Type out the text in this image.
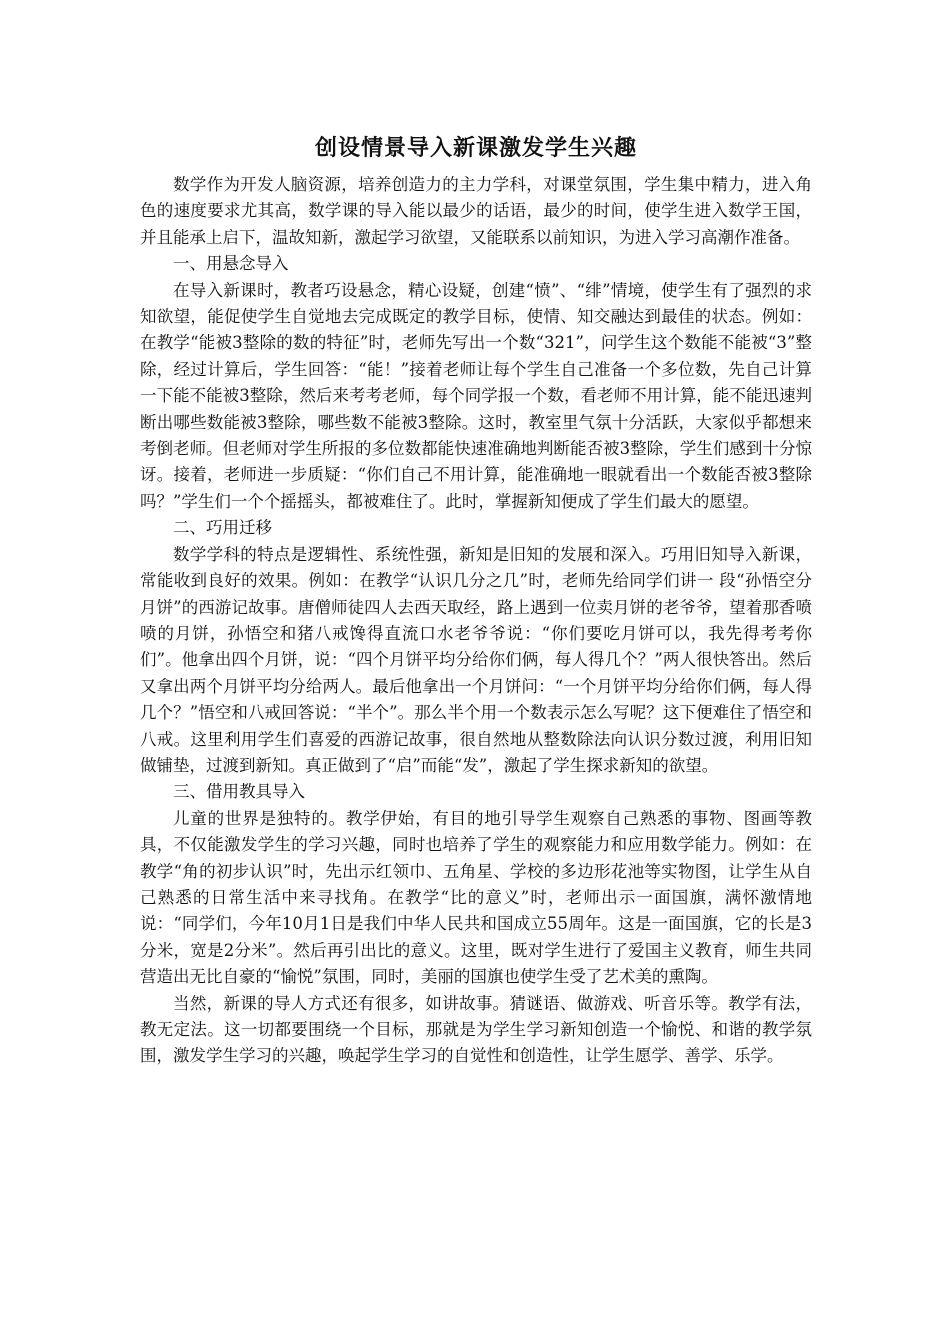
创设情景导入新课激发学生兴趣

数学作为开发人脑资源，培养创造力的主力学科，对课堂氛围，学生集中精力，进入角色的速度要求尤其高，数学课的导入能以最少的话语，最少的时间，使学生进入数学王国，并且能承上启下，温故知新，激起学习欲望，又能联系以前知识，为进入学习高潮作准备。

一、用悬念导入

在导入新课时，教者巧设悬念，精心设疑，创建“愤”、“绯”情境，使学生有了强烈的求知欲望，能促使学生自觉地去完成既定的教学目标，使情、知交融达到最佳的状态。例如：在教学“能被3整除的数的特征”时，老师先写出一个数“321”，问学生这个数能不能被“3”整除，经过计算后，学生回答：“能！”接着老师让每个学生自己准备一个多位数，先自己计算一下能不能被3整除，然后来考考老师，每个同学报一个数，看老师不用计算，能不能迅速判断出哪些数能被3整除，哪些数不能被3整除。这时，教室里气氛十分活跃，大家似乎都想来考倒老师。但老师对学生所报的多位数都能快速准确地判断能否被3整除，学生们感到十分惊讶。接着，老师进一步质疑：“你们自己不用计算，能准确地一眼就看出一个数能否被3整除吗？”学生们一个个摇摇头，都被难住了。此时，掌握新知便成了学生们最大的愿望。

二、巧用迁移

数学学科的特点是逻辑性、系统性强，新知是旧知的发展和深入。巧用旧知导入新课，常能收到良好的效果。例如：在教学“认识几分之几”时，老师先给同学们讲一 段“孙悟空分月饼”的西游记故事。唐僧师徒四人去西天取经，路上遇到一位卖月饼的老爷爷，望着那香喷喷的月饼，孙悟空和猪八戒馋得直流口水老爷爷说：“你们要吃月饼可以，我先得考考你们”。他拿出四个月饼，说：“四个月饼平均分给你们俩，每人得几个？”两人很快答出。然后又拿出两个月饼平均分给两人。最后他拿出一个月饼问：“一个月饼平均分给你们俩，每人得几个？”悟空和八戒回答说：“半个”。那么半个用一个数表示怎么写呢？这下便难住了悟空和八戒。这里利用学生们喜爱的西游记故事，很自然地从整数除法向认识分数过渡，利用旧知做铺垫，过渡到新知。真正做到了“启”而能“发”，激起了学生探求新知的欲望。

三、借用教具导入

儿童的世界是独特的。教学伊始，有目的地引导学生观察自己熟悉的事物、图画等教具，不仅能激发学生的学习兴趣，同时也培养了学生的观察能力和应用数学能力。例如：在教学“角的初步认识”时，先出示红领巾、五角星、学校的多边形花池等实物图，让学生从自己熟悉的日常生活中来寻找角。在教学“比的意义”时，老师出示一面国旗，满怀激情地说：“同学们，今年10月1日是我们中华人民共和国成立55周年。这是一面国旗，它的长是3分米，宽是2分米”。然后再引出比的意义。这里，既对学生进行了爱国主义教育，师生共同营造出无比自豪的“愉悦”氛围，同时，美丽的国旗也使学生受了艺术美的熏陶。

当然，新课的导人方式还有很多，如讲故事。猜谜语、做游戏、听音乐等。教学有法，教无定法。这一切都要围绕一个目标，那就是为学生学习新知创造一个愉悦、和谐的教学氛围，激发学生学习的兴趣，唤起学生学习的自觉性和创造性，让学生愿学、善学、乐学。
